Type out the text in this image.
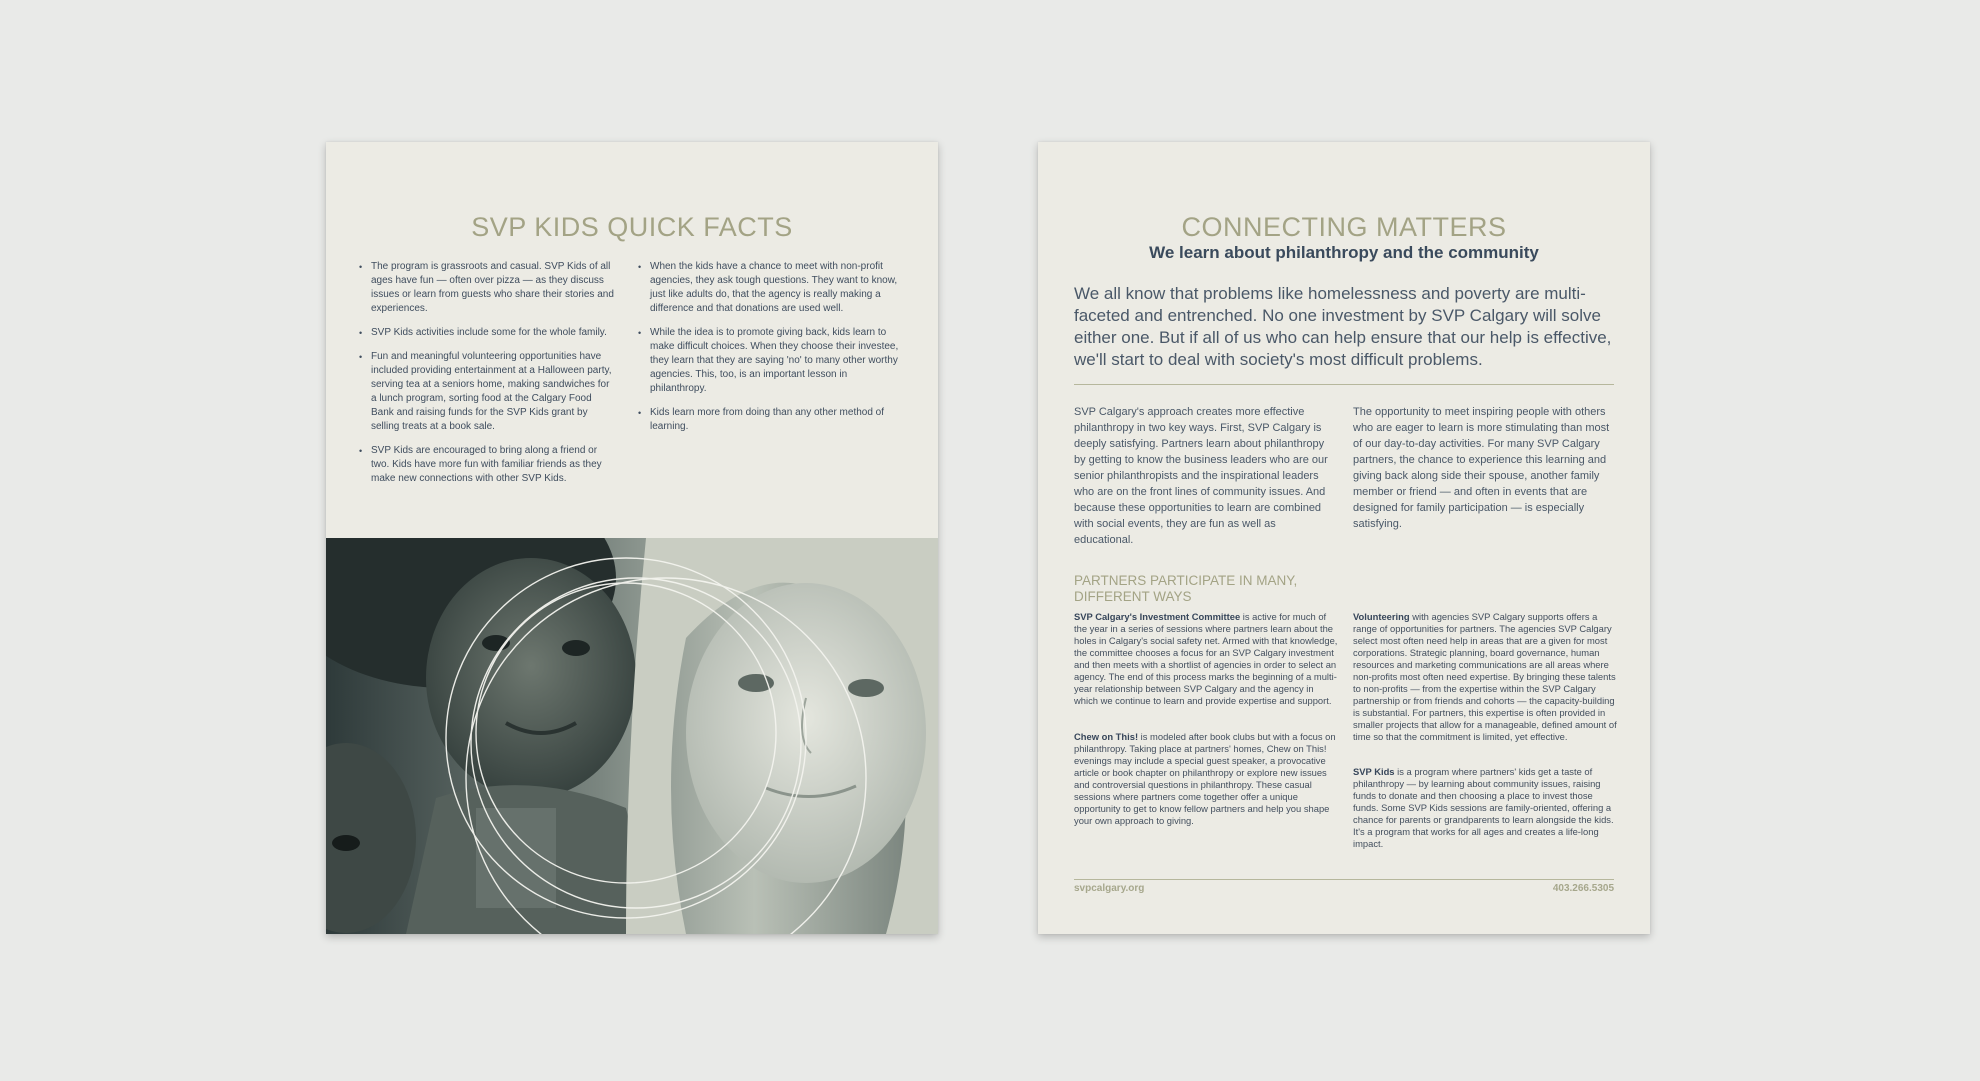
SVP KIDS QUICK FACTS
• The program is grassroots and casual. SVP Kids of all ages have fun — often over pizza — as they discuss issues or learn from guests who share their stories and experiences.
• SVP Kids activities include some for the whole family.
• Fun and meaningful volunteering opportunities have included providing entertainment at a Halloween party, serving tea at a seniors home, making sandwiches for a lunch program, sorting food at the Calgary Food Bank and raising funds for the SVP Kids grant by selling treats at a book sale.
• SVP Kids are encouraged to bring along a friend or two. Kids have more fun with familiar friends as they make new connections with other SVP Kids.
• When the kids have a chance to meet with non-profit agencies, they ask tough questions. They want to know, just like adults do, that the agency is really making a difference and that donations are used well.
• While the idea is to promote giving back, kids learn to make difficult choices. When they choose their investee, they learn that they are saying 'no' to many other worthy agencies. This, too, is an important lesson in philanthropy.
• Kids learn more from doing than any other method of learning.
CONNECTING MATTERS
We learn about philanthropy and the community

We all know that problems like homelessness and poverty are multi-faceted and entrenched. No one investment by SVP Calgary will solve either one. But if all of us who can help ensure that our help is effective, we'll start to deal with society's most difficult problems.

SVP Calgary's approach creates more effective philanthropy in two key ways. First, SVP Calgary is deeply satisfying. Partners learn about philanthropy by getting to know the business leaders who are our senior philanthropists and the inspirational leaders who are on the front lines of community issues. And because these opportunities to learn are combined with social events, they are fun as well as educational.

The opportunity to meet inspiring people with others who are eager to learn is more stimulating than most of our day-to-day activities. For many SVP Calgary partners, the chance to experience this learning and giving back along side their spouse, another family member or friend — and often in events that are designed for family participation — is especially satisfying.

PARTNERS PARTICIPATE IN MANY, DIFFERENT WAYS

SVP Calgary's Investment Committee is active for much of the year in a series of sessions where partners learn about the holes in Calgary's social safety net. Armed with that knowledge, the committee chooses a focus for an SVP Calgary investment and then meets with a shortlist of agencies in order to select an agency. The end of this process marks the beginning of a multi-year relationship between SVP Calgary and the agency in which we continue to learn and provide expertise and support.

Chew on This! is modeled after book clubs but with a focus on philanthropy. Taking place at partners' homes, Chew on This! evenings may include a special guest speaker, a provocative article or book chapter on philanthropy or explore new issues and controversial questions in philanthropy. These casual sessions where partners come together offer a unique opportunity to get to know fellow partners and help you shape your own approach to giving.

Volunteering with agencies SVP Calgary supports offers a range of opportunities for partners. The agencies SVP Calgary select most often need help in areas that are a given for most corporations. Strategic planning, board governance, human resources and marketing communications are all areas where non-profits most often need expertise. By bringing these talents to non-profits — from the expertise within the SVP Calgary partnership or from friends and cohorts — the capacity-building is substantial. For partners, this expertise is often provided in smaller projects that allow for a manageable, defined amount of time so that the commitment is limited, yet effective.

SVP Kids is a program where partners' kids get a taste of philanthropy — by learning about community issues, raising funds to donate and then choosing a place to invest those funds. Some SVP Kids sessions are family-oriented, offering a chance for parents or grandparents to learn alongside the kids. It's a program that works for all ages and creates a life-long impact.

svpcalgary.org	403.266.5305
